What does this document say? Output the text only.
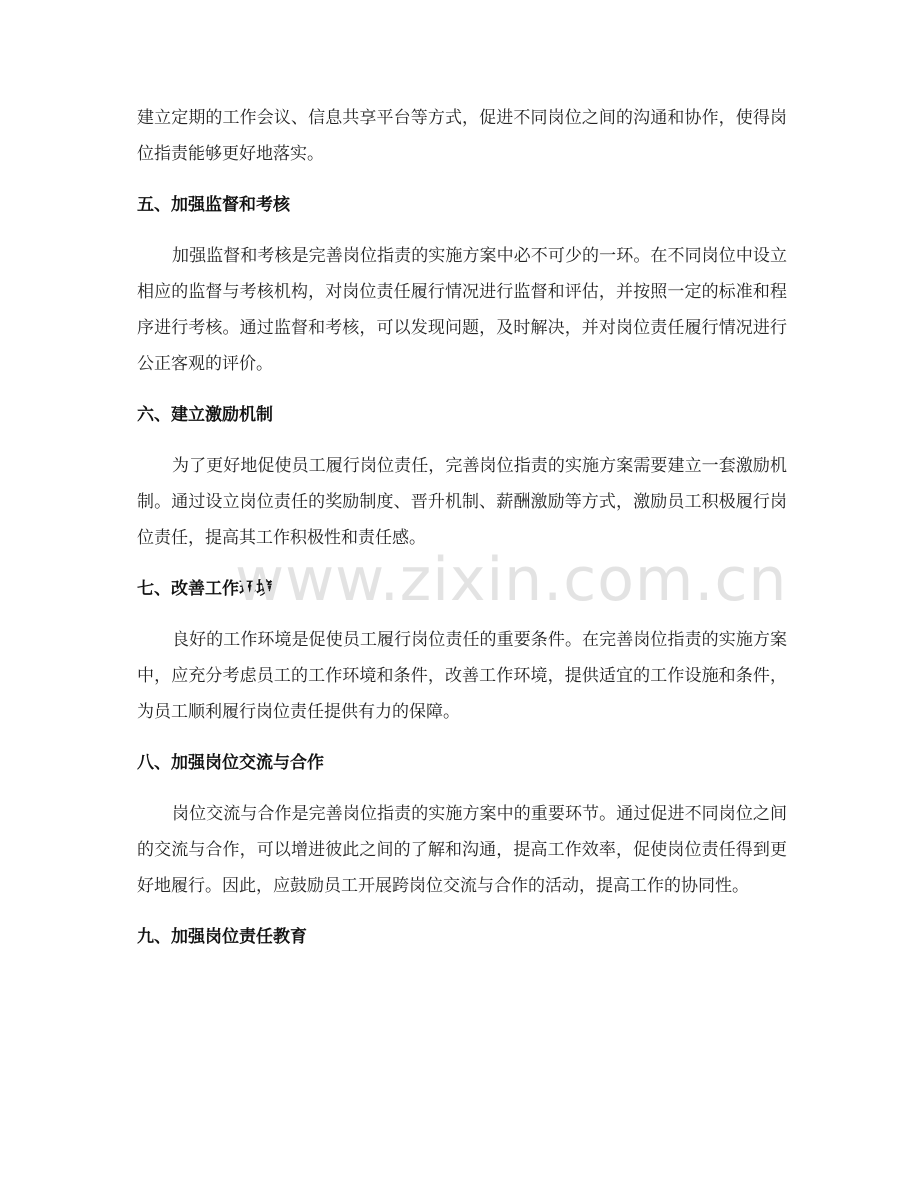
建立定期的工作会议、信息共享平台等方式，促进不同岗位之间的沟通和协作，使得岗位指责能够更好地落实。

五、加强监督和考核

加强监督和考核是完善岗位指责的实施方案中必不可少的一环。在不同岗位中设立相应的监督与考核机构，对岗位责任履行情况进行监督和评估，并按照一定的标准和程序进行考核。通过监督和考核，可以发现问题，及时解决，并对岗位责任履行情况进行公正客观的评价。

六、建立激励机制

为了更好地促使员工履行岗位责任，完善岗位指责的实施方案需要建立一套激励机制。通过设立岗位责任的奖励制度、晋升机制、薪酬激励等方式，激励员工积极履行岗位责任，提高其工作积极性和责任感。

七、改善工作环境

良好的工作环境是促使员工履行岗位责任的重要条件。在完善岗位指责的实施方案中，应充分考虑员工的工作环境和条件，改善工作环境，提供适宜的工作设施和条件，为员工顺利履行岗位责任提供有力的保障。

八、加强岗位交流与合作

岗位交流与合作是完善岗位指责的实施方案中的重要环节。通过促进不同岗位之间的交流与合作，可以增进彼此之间的了解和沟通，提高工作效率，促使岗位责任得到更好地履行。因此，应鼓励员工开展跨岗位交流与合作的活动，提高工作的协同性。

九、加强岗位责任教育
www.zixin.com.cn
